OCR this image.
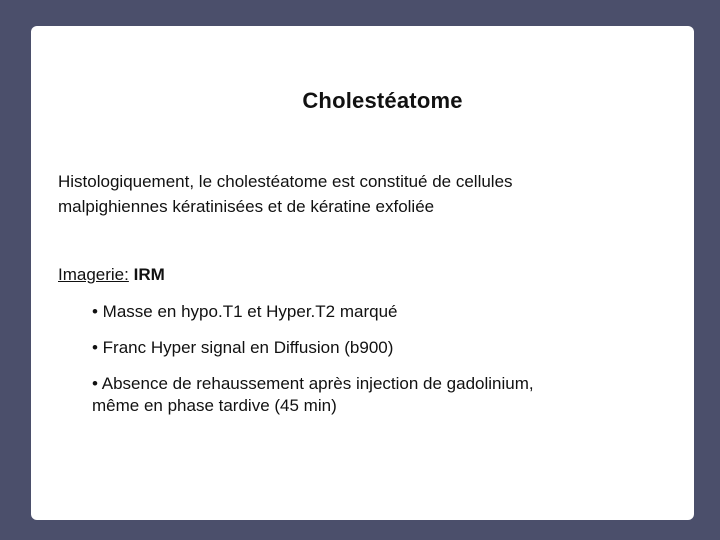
Cholestéatome
Histologiquement, le cholestéatome est constitué de cellules
malpighiennes kératinisées et de kératine exfoliée
Imagerie: IRM
• Masse en hypo.T1 et Hyper.T2 marqué
• Franc Hyper signal en Diffusion (b900)
• Absence de rehaussement après injection de gadolinium,
même en phase tardive (45 min)
